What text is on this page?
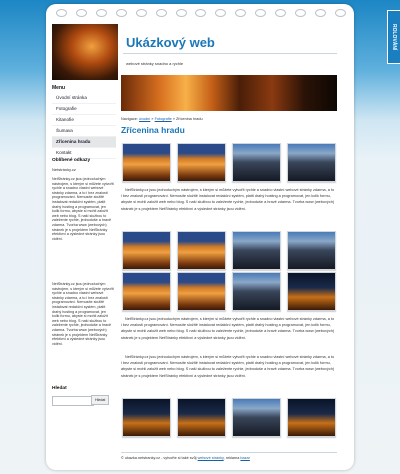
ROLOVÁNÍ
Menu
Úvodní stránka
Fotografie
Kitanofie
Šumava
Zřícenina hradu
Kontakt
Oblíbené odkazy
Netstránky.cz
NetStránky.cz jsou jednoduchým nástrojem, s kterým si můžete vytvořit rychle a snadno vlastní webové stránky zdarma, a to i bez znalostí programování. Nemusíte složitě instalovat redakční systém, platit drahý hosting a programovat, jen kolik formu, abyste si mohli založit web nebo blog. S naší službou to zaležente rychle, jednoduše a hravě zdarma. Tvorba www (webových) stránek je s projektem NetStránky efektivní a výsledné stránky jsou vidění.
NetStránky.cz jsou jednoduchým nástrojem, s kterým si můžete vytvořit rychle a snadno vlastní webové stránky zdarma, a to i bez znalostí programování. Nemusíte složitě instalovat redakční systém, platit drahý hosting a programovat, jen kolik formu, abyste si mohli založit web nebo blog. S naší službou to zaležente rychle, jednoduše a hravě zdarma. Tvorba www (webových) stránek je s projektem NetStránky efektivní a výsledné stránky jsou vidění.
Hledat
Hledat
Ukázkový web
webové stránky snadno a rychle
Navigace: úvodní » Fotografie » Zřícenina hradu
Zřícenina hradu
NetStránky.cz jsou jednoduchým nástrojem, s kterým si můžete vytvořit rychle a snadno vlastní webové stránky zdarma, a to i bez znalostí programování. Nemusíte složitě instalovat redakční systém, platit drahý hosting a programovat, jen kolik formu, abyste si mohli založit web nebo blog. S naší službou to zaležente rychle, jednoduše a hravě zdarma. Tvorba www (webových) stránek je s projektem NetStránky efektivní a výsledné stránky jsou vidění.
NetStránky.cz jsou jednoduchým nástrojem, s kterým si můžete vytvořit rychle a snadno vlastní webové stránky zdarma, a to i bez znalostí programování. Nemusíte složitě instalovat redakční systém, platit drahý hosting a programovat, jen kolik formu, abyste si mohli založit web nebo blog. S naší službou to zaležente rychle, jednoduše a hravě zdarma. Tvorba www (webových) stránek je s projektem NetStránky efektivní a výsledné stránky jsou vidění.
NetStránky.cz jsou jednoduchým nástrojem, s kterým si můžete vytvořit rychle a snadno vlastní webové stránky zdarma, a to i bez znalostí programování. Nemusíte složitě instalovat redakční systém, platit drahý hosting a programovat, jen kolik formu, abyste si mohli založit web nebo blog. S naší službou to zaležente rychle, jednoduše a hravě zdarma. Tvorba www (webových) stránek je s projektem NetStránky efektivní a výsledné stránky jsou vidění.
© ukazka.netstranky.cz - vytvořte si také svůj webové stránky, reklama bazar
